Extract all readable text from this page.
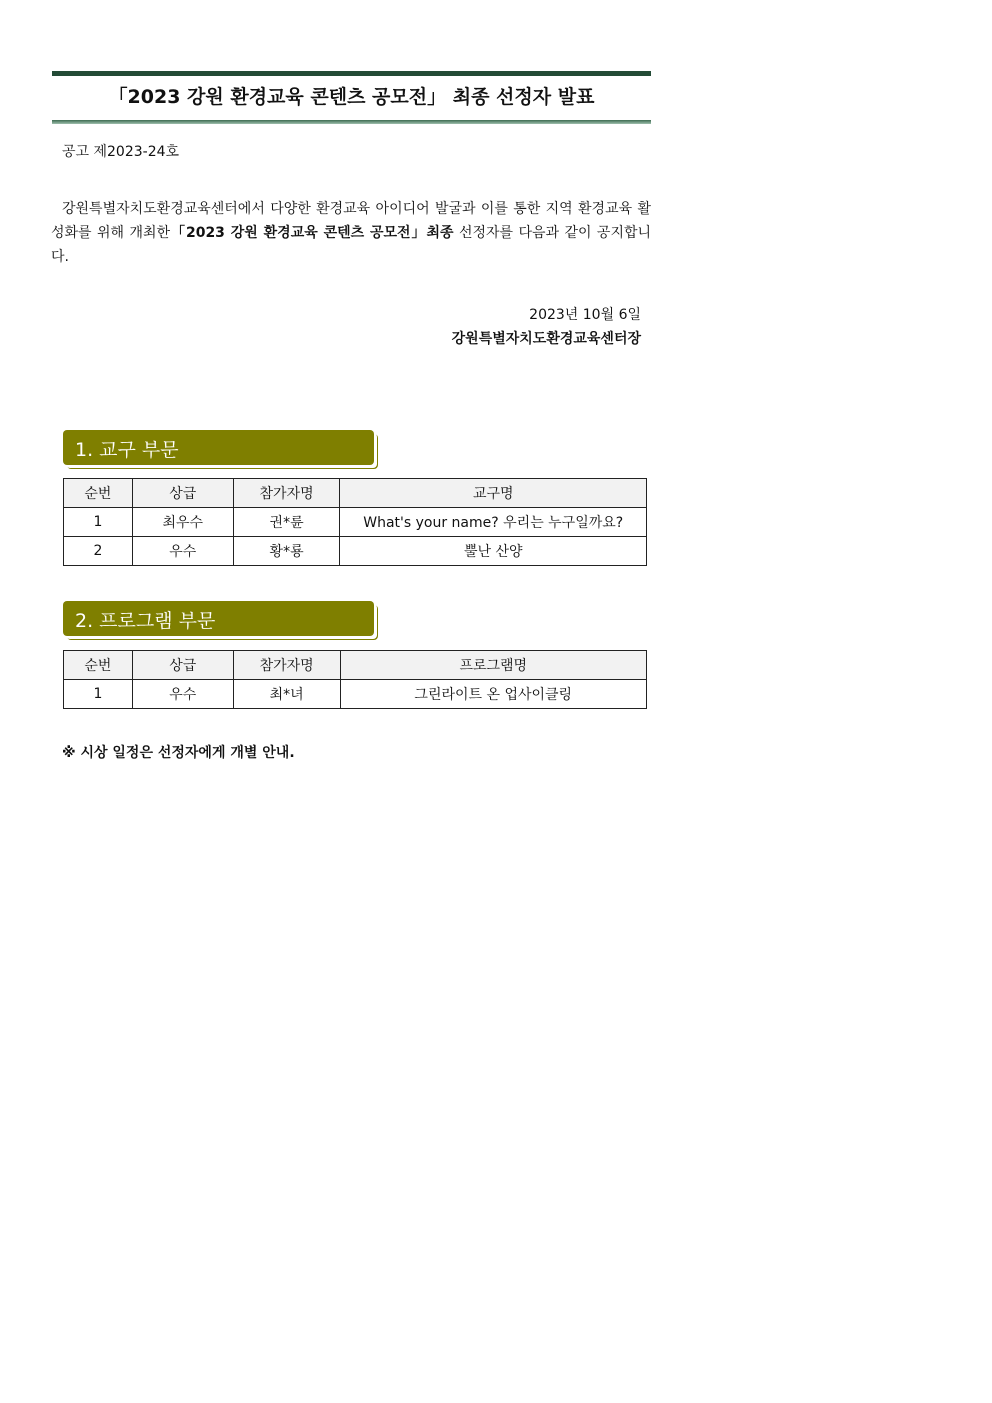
「2023 강원 환경교육 콘텐츠 공모전」 최종 선정자 발표
공고 제2023-24호
강원특별자치도환경교육센터에서 다양한 환경교육 아이디어 발굴과 이를 통한 지역 환경교육 활성화를 위해 개최한「2023 강원 환경교육 콘텐츠 공모전」최종 선정자를 다음과 같이 공지합니다.
2023년 10월 6일
강원특별자치도환경교육센터장
1. 교구 부문
순번	상급	참가자명	교구명
1	최우수	권*륜	What's your name? 우리는 누구일까요?
2	우수	황*룡	뿔난 산양
2. 프로그램 부문
순번	상급	참가자명	프로그램명
1	우수	최*녀	그린라이트 온 업사이클링
※ 시상 일정은 선정자에게 개별 안내.
